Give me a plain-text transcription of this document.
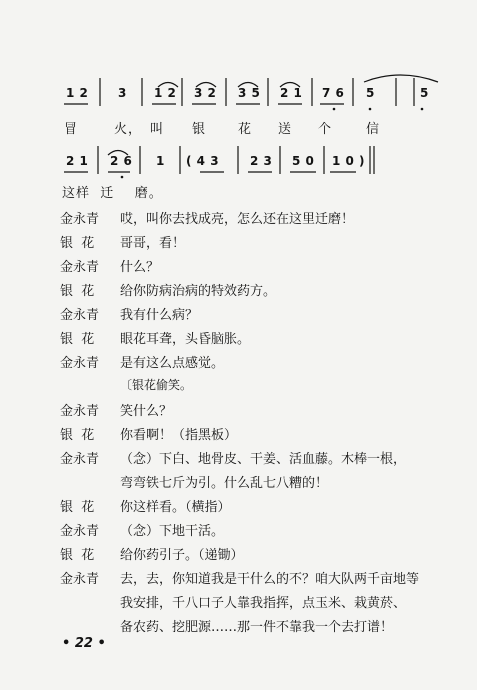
1 2 3 1 2 3 2 3 5 2 1 7 6 5	5
冒	火， 叫 银 花 送 个	信
2 1 2 6 1 ( 4 3	2 3 5 0 1 0 )
这样  迁    磨。
金永青	哎，叫你去找成亮，怎么还在这里迁磨！
银  花	哥哥，看！
金永青	什么？
银  花	给你防病治病的特效药方。
金永青	我有什么病？
银  花	眼花耳聋，头昏脑胀。
金永青	是有这么点感觉。
〔银花偷笑。
金永青	笑什么？
银  花	你看啊！（指黑板）
金永青	（念）下白、地骨皮、干姜、活血藤。木棒一根，
弯弯铁七斤为引。什么乱七八糟的！
银  花	你这样看。（横指）
金永青	（念）下地干活。
银  花	给你药引子。（递锄）
金永青	去，去，你知道我是干什么的不？咱大队两千亩地等
我安排，千八口子人靠我指挥，点玉米、栽黄菸、
备农药、挖肥源……那一件不靠我一个去打谱！
• 22 •
